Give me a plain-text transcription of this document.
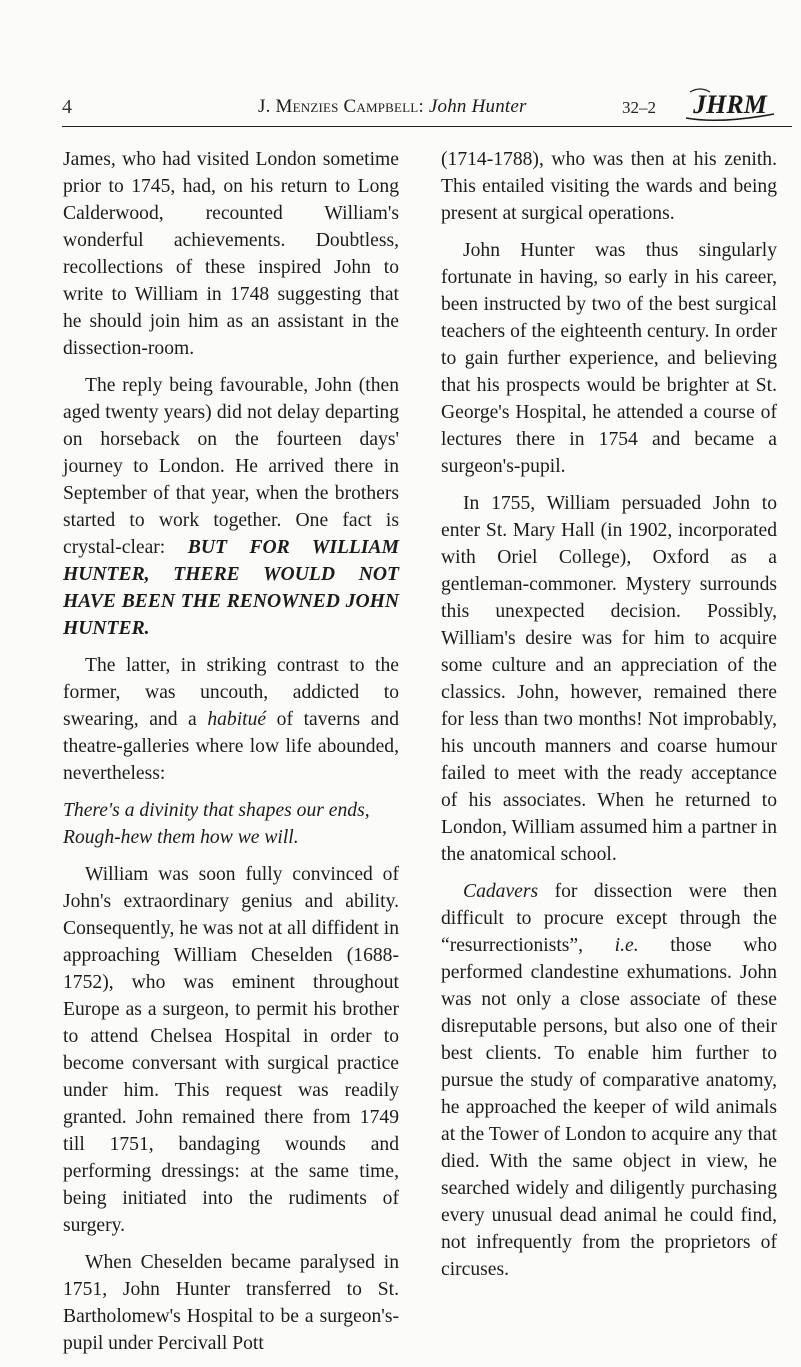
4	J. Menzies Campbell: John Hunter	32–2 JHRM

James, who had visited London sometime prior to 1745, had, on his return to Long Calderwood, recounted William's wonderful achievements. Doubtless, recollections of these inspired John to write to William in 1748 suggesting that he should join him as an assistant in the dissection-room.

The reply being favourable, John (then aged twenty years) did not delay departing on horseback on the fourteen days' journey to London. He arrived there in September of that year, when the brothers started to work together. One fact is crystal-clear: BUT FOR WILLIAM HUNTER, THERE WOULD NOT HAVE BEEN THE RENOWNED JOHN HUNTER.

The latter, in striking contrast to the former, was uncouth, addicted to swearing, and a habitué of taverns and theatre-galleries where low life abounded, nevertheless:

There's a divinity that shapes our ends,
Rough-hew them how we will.

William was soon fully convinced of John's extraordinary genius and ability. Consequently, he was not at all diffident in approaching William Cheselden (1688-1752), who was eminent throughout Europe as a surgeon, to permit his brother to attend Chelsea Hospital in order to become conversant with surgical practice under him. This request was readily granted. John remained there from 1749 till 1751, bandaging wounds and performing dressings: at the same time, being initiated into the rudiments of surgery.

When Cheselden became paralysed in 1751, John Hunter transferred to St. Bartholomew's Hospital to be a surgeon's-pupil under Percivall Pott

(1714-1788), who was then at his zenith. This entailed visiting the wards and being present at surgical operations.

John Hunter was thus singularly fortunate in having, so early in his career, been instructed by two of the best surgical teachers of the eighteenth century. In order to gain further experience, and believing that his prospects would be brighter at St. George's Hospital, he attended a course of lectures there in 1754 and became a surgeon's-pupil.

In 1755, William persuaded John to enter St. Mary Hall (in 1902, incorporated with Oriel College), Oxford as a gentleman-commoner. Mystery surrounds this unexpected decision. Possibly, William's desire was for him to acquire some culture and an appreciation of the classics. John, however, remained there for less than two months! Not improbably, his uncouth manners and coarse humour failed to meet with the ready acceptance of his associates. When he returned to London, William assumed him a partner in the anatomical school.

Cadavers for dissection were then difficult to procure except through the “resurrectionists”, i.e. those who performed clandestine exhumations. John was not only a close associate of these disreputable persons, but also one of their best clients. To enable him further to pursue the study of comparative anatomy, he approached the keeper of wild animals at the Tower of London to acquire any that died. With the same object in view, he searched widely and diligently purchasing every unusual dead animal he could find, not infrequently from the proprietors of circuses.
